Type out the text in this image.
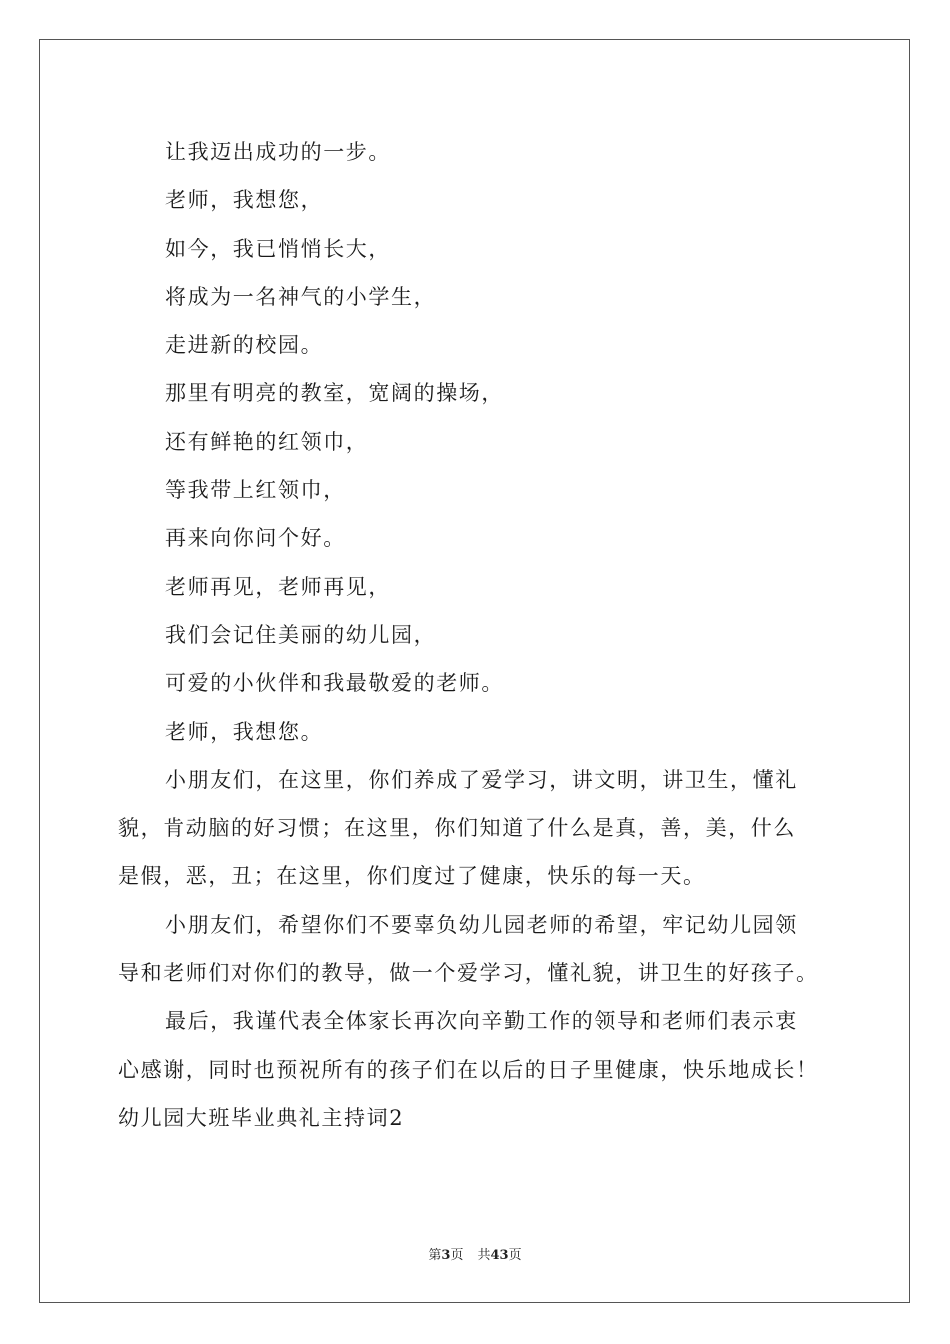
让我迈出成功的一步。
老师，我想您，
如今，我已悄悄长大，
将成为一名神气的小学生，
走进新的校园。
那里有明亮的教室，宽阔的操场，
还有鲜艳的红领巾，
等我带上红领巾，
再来向你问个好。
老师再见，老师再见，
我们会记住美丽的幼儿园，
可爱的小伙伴和我最敬爱的老师。
老师，我想您。
小朋友们，在这里，你们养成了爱学习，讲文明，讲卫生，懂礼
貌，肯动脑的好习惯；在这里，你们知道了什么是真，善，美，什么
是假，恶，丑；在这里，你们度过了健康，快乐的每一天。
小朋友们，希望你们不要辜负幼儿园老师的希望，牢记幼儿园领
导和老师们对你们的教导，做一个爱学习，懂礼貌，讲卫生的好孩子。
最后，我谨代表全体家长再次向辛勤工作的领导和老师们表示衷
心感谢，同时也预祝所有的孩子们在以后的日子里健康，快乐地成长！
幼儿园大班毕业典礼主持词2
第3页 共43页
